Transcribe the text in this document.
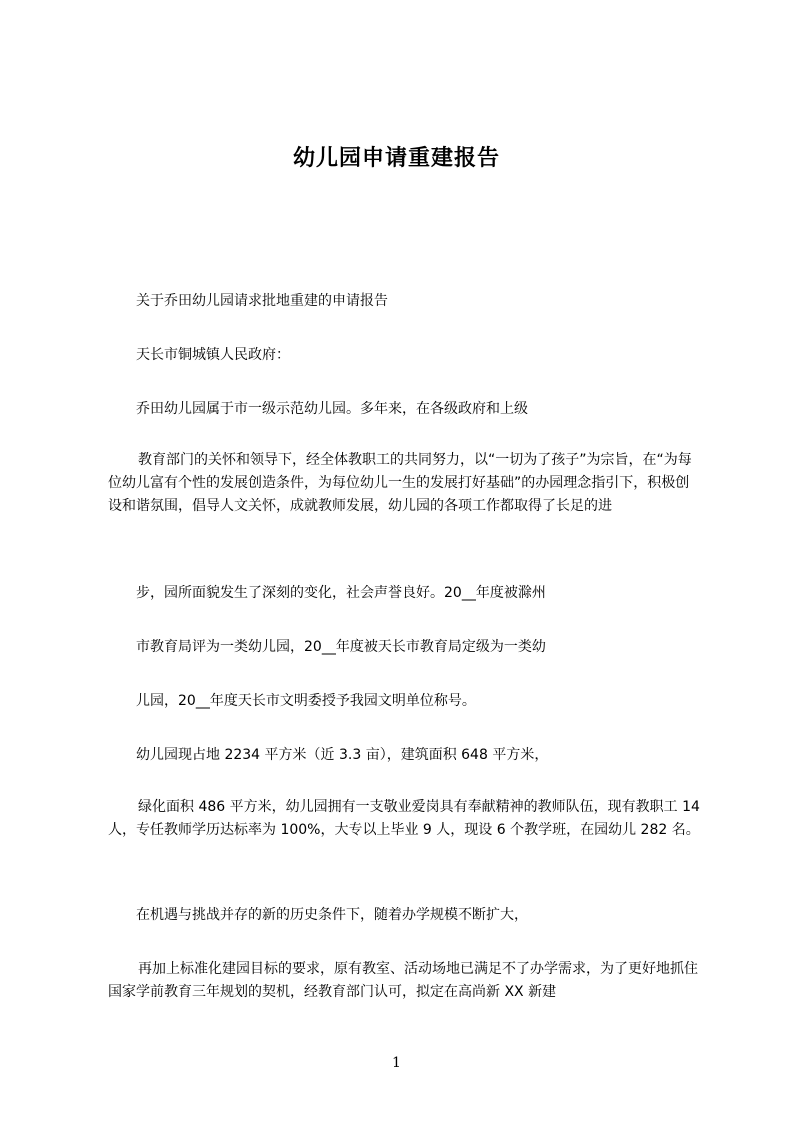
幼儿园申请重建报告
关于乔田幼儿园请求批地重建的申请报告
天长市铜城镇人民政府：
乔田幼儿园属于市一级示范幼儿园。多年来，在各级政府和上级
教育部门的关怀和领导下，经全体教职工的共同努力，以“一切为了孩子”为宗旨，在“为每位幼儿富有个性的发展创造条件，为每位幼儿一生的发展打好基础”的办园理念指引下，积极创设和谐氛围，倡导人文关怀，成就教师发展，幼儿园的各项工作都取得了长足的进
步，园所面貌发生了深刻的变化，社会声誉良好。20__年度被滁州
市教育局评为一类幼儿园，20__年度被天长市教育局定级为一类幼
儿园，20__年度天长市文明委授予我园文明单位称号。
幼儿园现占地 2234 平方米（近 3.3 亩），建筑面积 648 平方米，
绿化面积 486 平方米，幼儿园拥有一支敬业爱岗具有奉献精神的教师队伍，现有教职工 14 人，专任教师学历达标率为 100%，大专以上毕业 9 人，现设 6 个教学班，在园幼儿 282 名。
在机遇与挑战并存的新的历史条件下，随着办学规模不断扩大，
再加上标准化建园目标的要求，原有教室、活动场地已满足不了办学需求，为了更好地抓住国家学前教育三年规划的契机，经教育部门认可，拟定在高尚新 XX 新建
1
